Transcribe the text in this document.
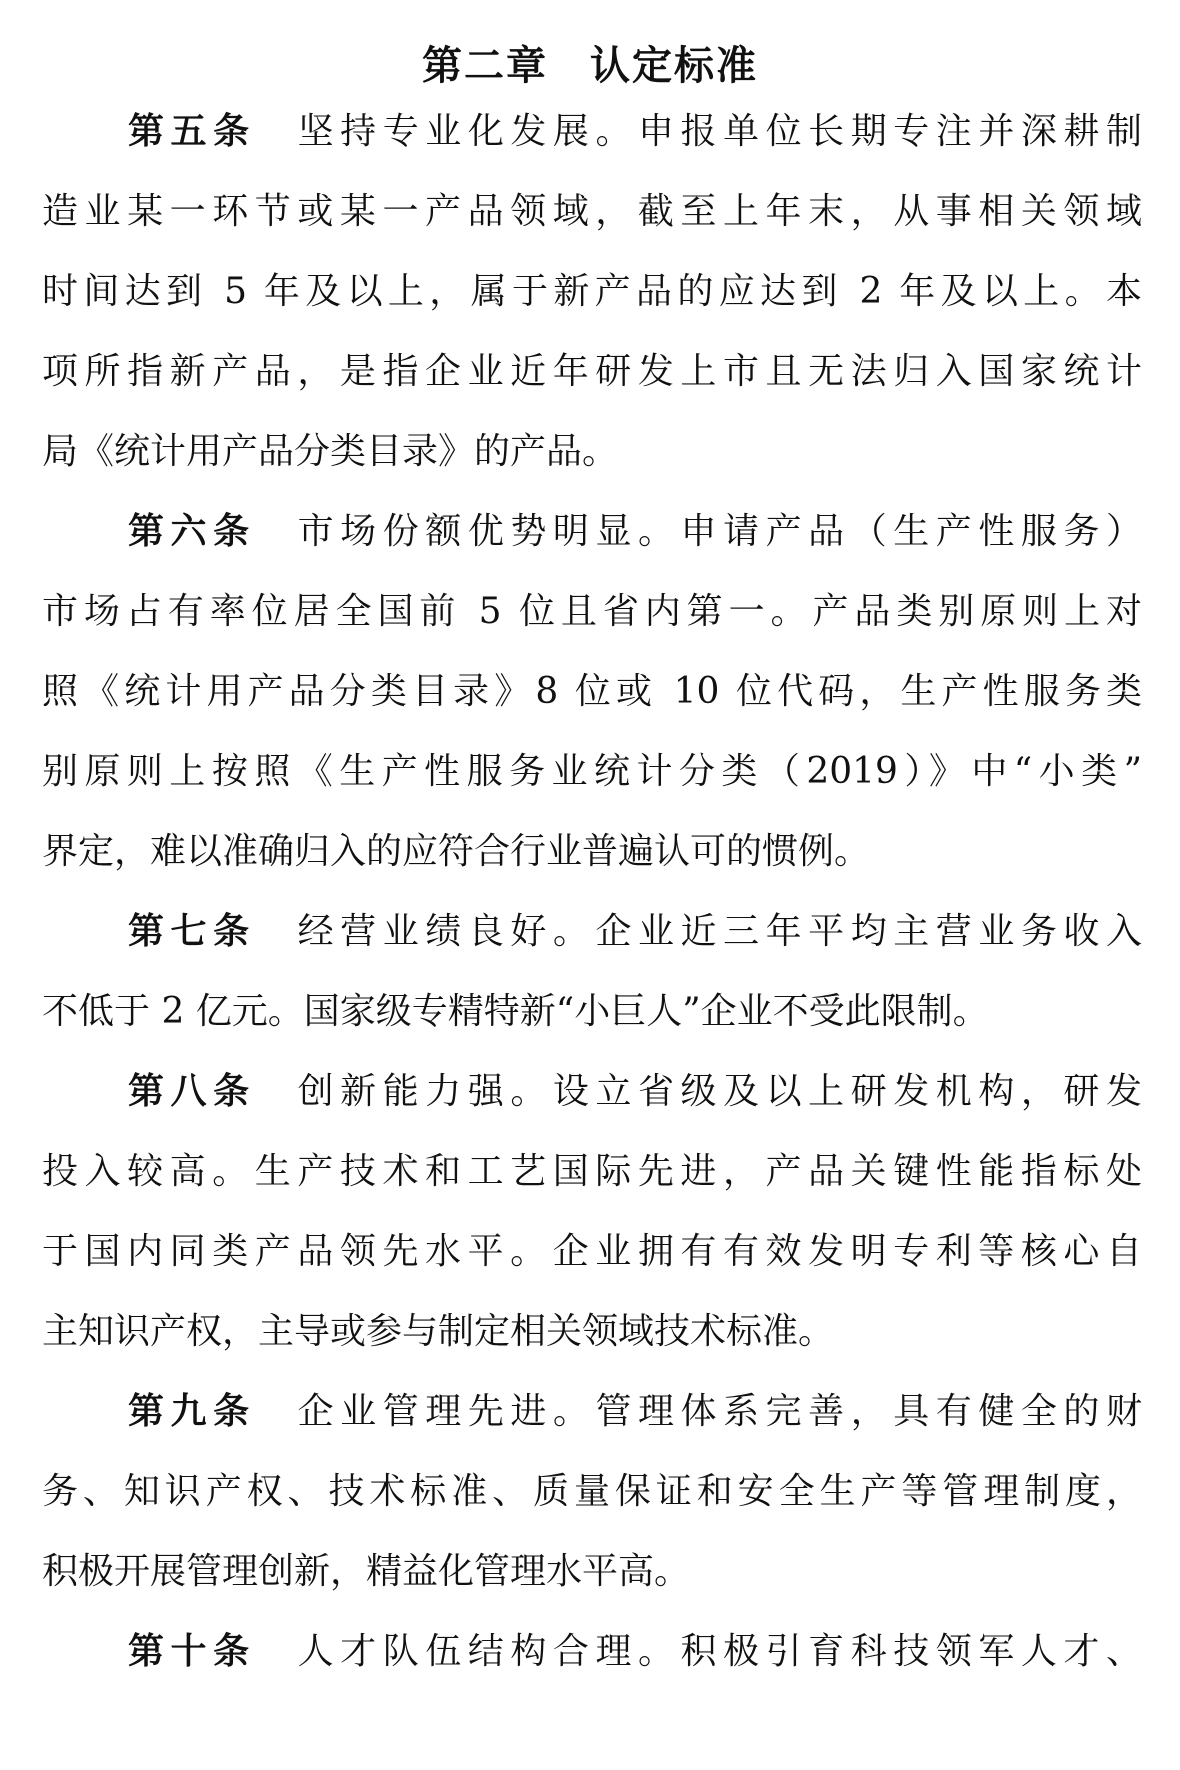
第二章　认定标准
第五条 坚持专业化发展。申报单位长期专注并深耕制
造业某一环节或某一产品领域，截至上年末，从事相关领域
时间达到 5 年及以上，属于新产品的应达到 2 年及以上。本
项所指新产品，是指企业近年研发上市且无法归入国家统计
局《统计用产品分类目录》的产品。
第六条 市场份额优势明显。申请产品（生产性服务）
市场占有率位居全国前 5 位且省内第一。产品类别原则上对
照《统计用产品分类目录》8 位或 10 位代码，生产性服务类
别原则上按照《生产性服务业统计分类（2019）》中“小类”
界定，难以准确归入的应符合行业普遍认可的惯例。
第七条 经营业绩良好。企业近三年平均主营业务收入
不低于 2 亿元。国家级专精特新“小巨人”企业不受此限制。
第八条 创新能力强。设立省级及以上研发机构，研发
投入较高。生产技术和工艺国际先进，产品关键性能指标处
于国内同类产品领先水平。企业拥有有效发明专利等核心自
主知识产权，主导或参与制定相关领域技术标准。
第九条 企业管理先进。管理体系完善，具有健全的财
务、知识产权、技术标准、质量保证和安全生产等管理制度，
积极开展管理创新，精益化管理水平高。
第十条 人才队伍结构合理。积极引育科技领军人才、
